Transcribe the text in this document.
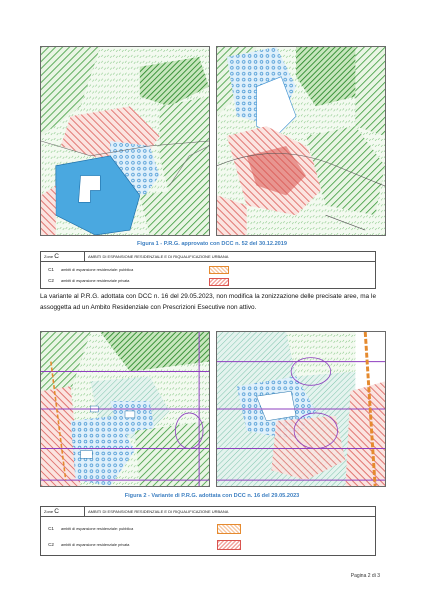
Figura 1 - P.R.G. approvato con DCC n. 52 del 30.12.2019
Zone C	AMBITI DI ESPANSIONE RESIDENZIALE E DI RIQUALIFICAZIONE URBANA
C1	ambiti di espansione residenziale: pubblica
C2	ambiti di espansione residenziale privata
La variante al P.R.G. adottata con DCC n. 16 del 29.05.2023, non modifica la zonizzazione delle precisate aree, ma le assoggetta ad un Ambito Residenziale con Prescrizioni Esecutive non attivo.
Figura 2 - Variante di P.R.G. adottata con DCC n. 16 del 29.05.2023
Zone C	AMBITI DI ESPANSIONE RESIDENZIALE E DI RIQUALIFICAZIONE URBANA
C1	ambiti di espansione residenziale: pubblica
C2	ambiti di espansione residenziale privata
Pagina 2 di 3
